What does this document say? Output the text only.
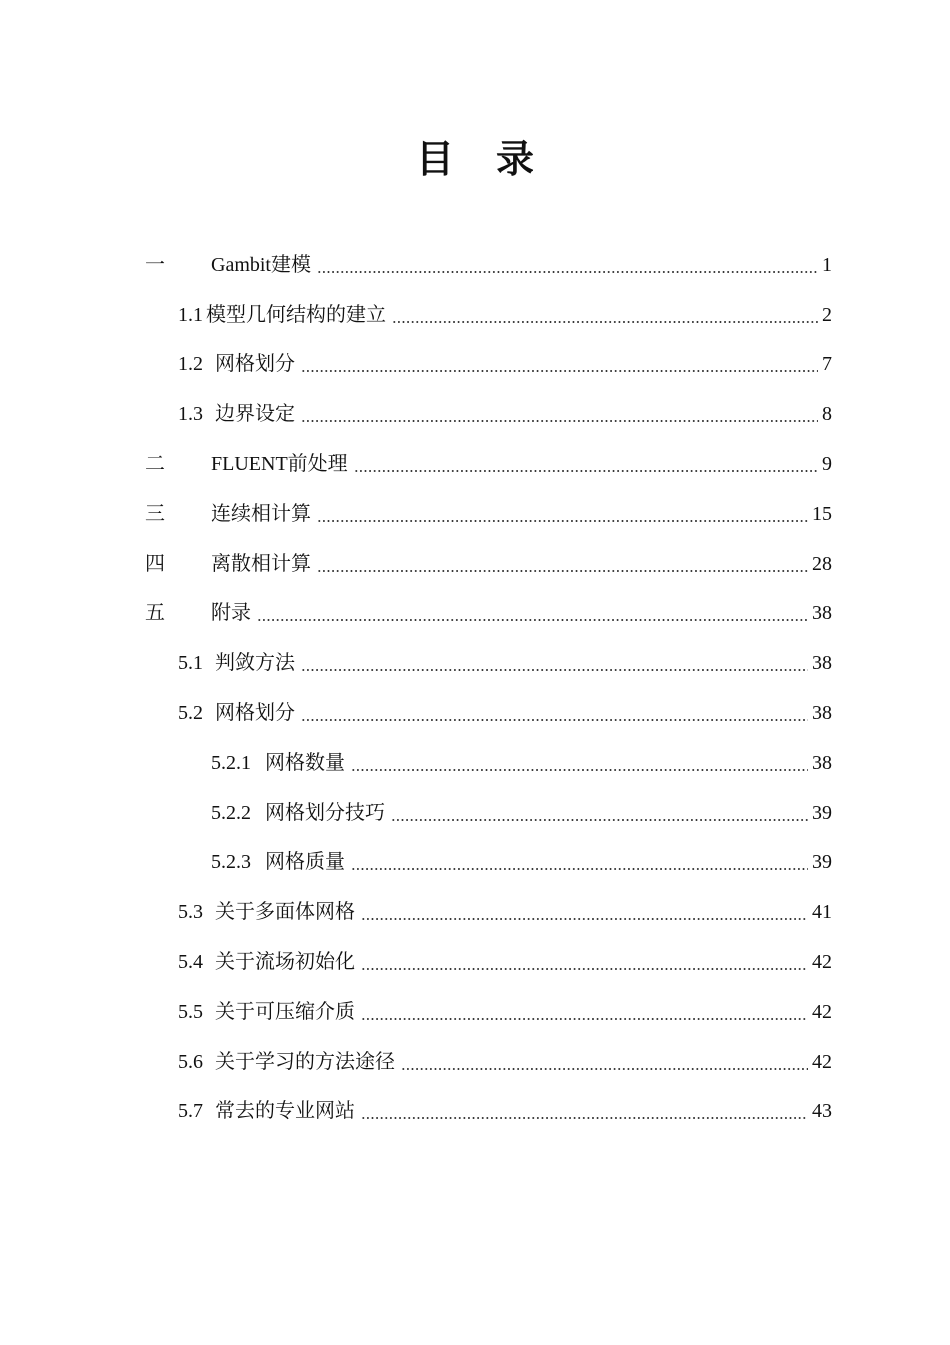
目 录
一	Gambit建模	1
1.1 模型几何结构的建立	2
1.2 网格划分	7
1.3 边界设定	8
二	FLUENT前处理	9
三	连续相计算	15
四	离散相计算	28
五	附录	38
5.1 判敛方法	38
5.2 网格划分	38
5.2.1 网格数量	38
5.2.2 网格划分技巧	39
5.2.3 网格质量	39
5.3 关于多面体网格	41
5.4 关于流场初始化	42
5.5 关于可压缩介质	42
5.6 关于学习的方法途径	42
5.7 常去的专业网站	43
